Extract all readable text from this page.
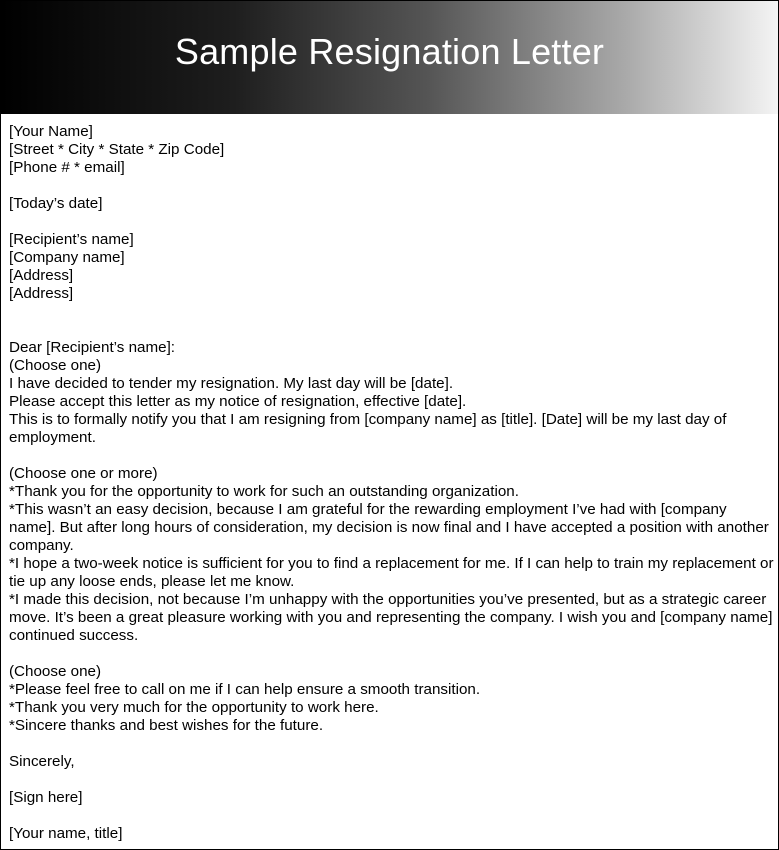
Sample Resignation Letter
[Your Name]
[Street * City * State * Zip Code]
[Phone # * email]
[Today’s date]
[Recipient’s name]
[Company name]
[Address]
[Address]
Dear [Recipient’s name]:
(Choose one)
I have decided to tender my resignation. My last day will be [date].
Please accept this letter as my notice of resignation, effective [date].
This is to formally notify you that I am resigning from [company name] as [title]. [Date] will be my last day of employment.
(Choose one or more)
*Thank you for the opportunity to work for such an outstanding organization.
*This wasn’t an easy decision, because I am grateful for the rewarding employment I’ve had with [company name]. But after long hours of consideration, my decision is now final and I have accepted a position with another company.
*I hope a two-week notice is sufficient for you to find a replacement for me. If I can help to train my replacement or tie up any loose ends, please let me know.
*I made this decision, not because I’m unhappy with the opportunities you’ve presented, but as a strategic career move. It’s been a great pleasure working with you and representing the company. I wish you and [company name] continued success.
(Choose one)
*Please feel free to call on me if I can help ensure a smooth transition.
*Thank you very much for the opportunity to work here.
*Sincere thanks and best wishes for the future.
Sincerely,
[Sign here]
[Your name, title]
